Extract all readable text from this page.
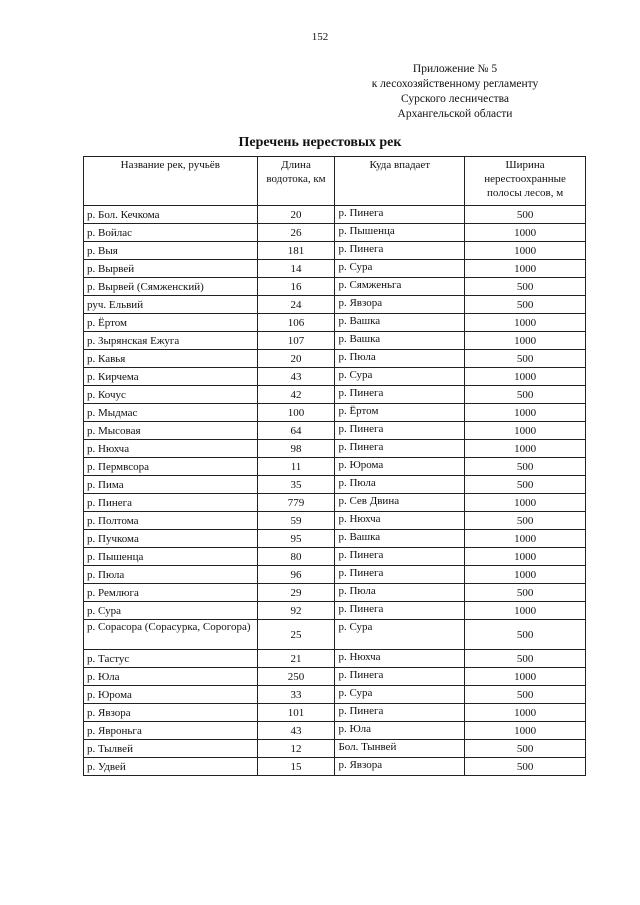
152
Приложение № 5
к лесохозяйственному регламенту
Сурского лесничества
Архангельской области
Перечень нерестовых рек
Название рек, ручьёв	Длина водотока, км	Куда впадает	Ширина нерестоохранные полосы лесов, м
р. Бол. Кечкома	20	р. Пинега	500
р. Войлас	26	р. Пышенца	1000
р. Выя	181	р. Пинега	1000
р. Вырвей	14	р. Сура	1000
р. Вырвей (Сямженский)	16	р. Сямженьга	500
руч. Ельвий	24	р. Явзора	500
р. Ёртом	106	р. Вашка	1000
р. Зырянская Ежуга	107	р. Вашка	1000
р. Кавья	20	р. Пюла	500
р. Кирчема	43	р. Сура	1000
р. Кочус	42	р. Пинега	500
р. Мыдмас	100	р. Ёртом	1000
р. Мысовая	64	р. Пинега	1000
р. Нюхча	98	р. Пинега	1000
р. Пермвсора	11	р. Юрома	500
р. Пима	35	р. Пюла	500
р. Пинега	779	р. Сев Двина	1000
р. Полтома	59	р. Нюхча	500
р. Пучкома	95	р. Вашка	1000
р. Пышенца	80	р. Пинега	1000
р. Пюла	96	р. Пинега	1000
р. Ремлюга	29	р. Пюла	500
р. Сура	92	р. Пинега	1000
р. Сорасора (Сорасурка, Сорогора)	25	р. Сура	500
р. Тастус	21	р. Нюхча	500
р. Юла	250	р. Пинега	1000
р. Юрома	33	р. Сура	500
р. Явзора	101	р. Пинега	1000
р. Явроньга	43	р. Юла	1000
р. Тылвей	12	Бол. Тынвей	500
р. Удвей	15	р. Явзора	500
